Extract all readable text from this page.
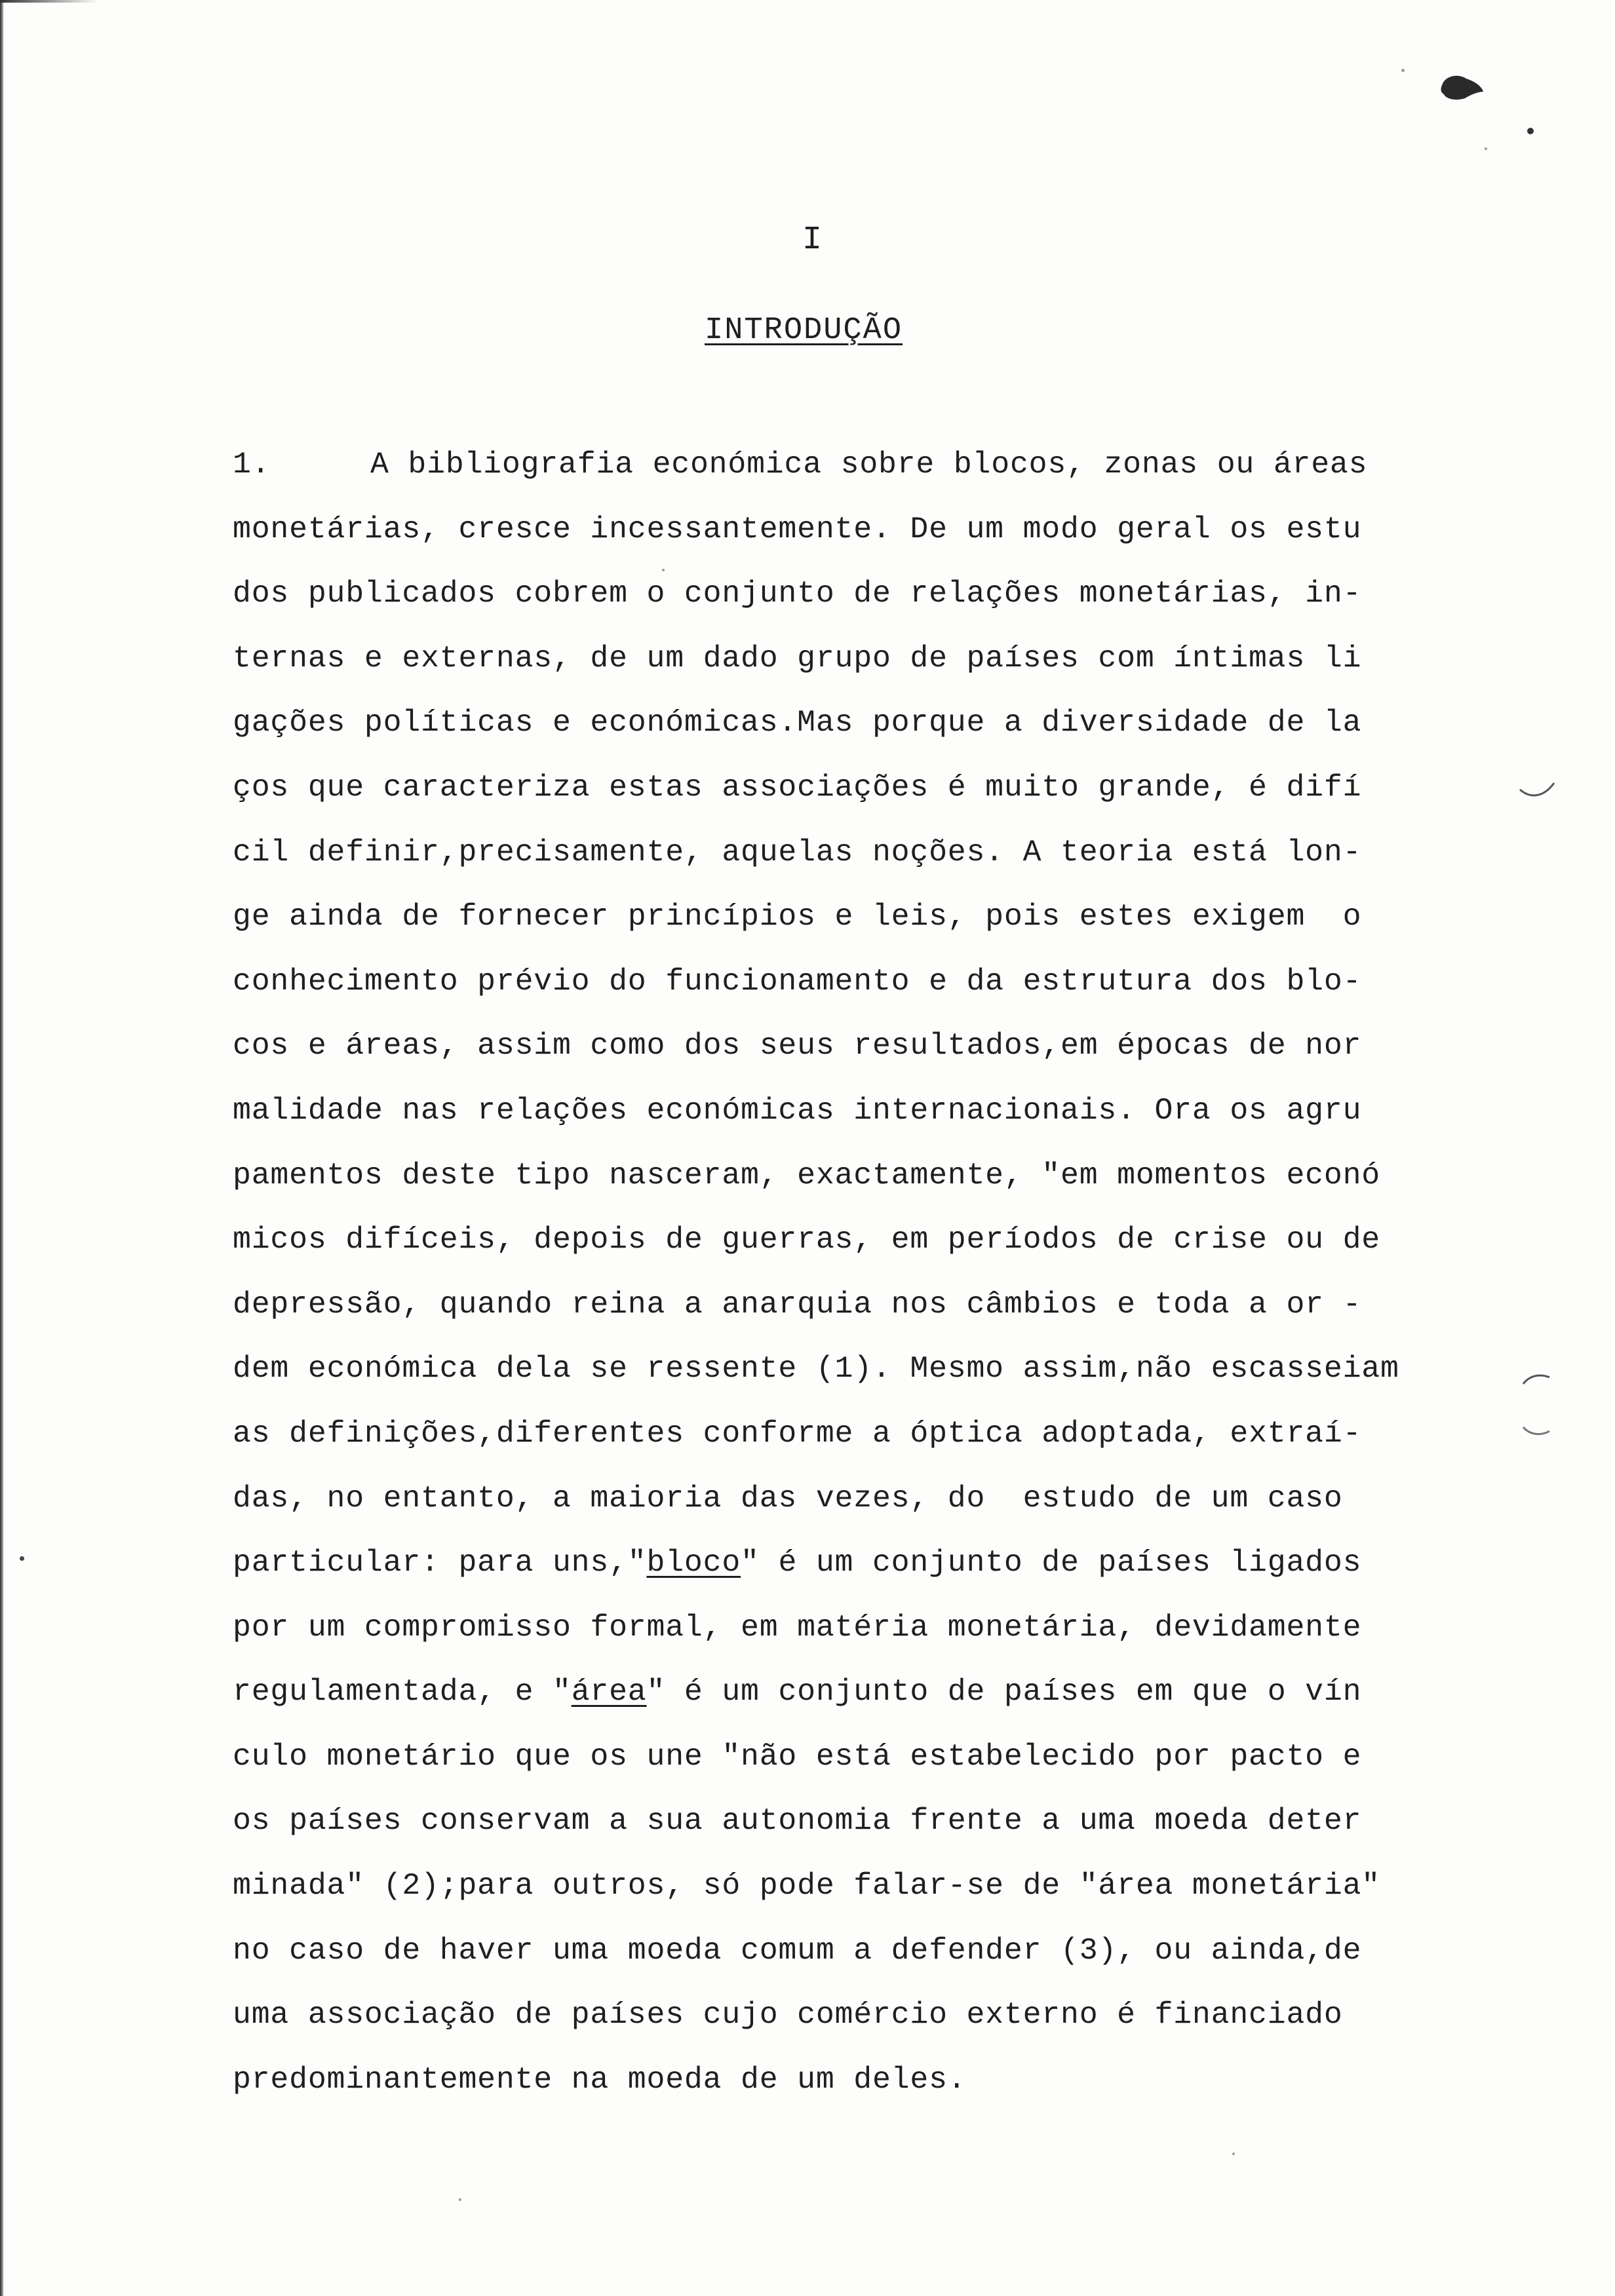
I
INTRODUÇÃO
1.	A bibliografia económica sobre blocos, zonas ou áreas
monetárias, cresce incessantemente. De um modo geral os estu
dos publicados cobrem o conjunto de relações monetárias, in-
ternas e externas, de um dado grupo de países com íntimas li
gações políticas e económicas.Mas porque a diversidade de la
ços que caracteriza estas associações é muito grande, é difí
cil definir,precisamente, aquelas noções. A teoria está lon-
ge ainda de fornecer princípios e leis, pois estes exigem  o
conhecimento prévio do funcionamento e da estrutura dos blo-
cos e áreas, assim como dos seus resultados,em épocas de nor
malidade nas relações económicas internacionais. Ora os agru
pamentos deste tipo nasceram, exactamente, "em momentos econó
micos difíceis, depois de guerras, em períodos de crise ou de
depressão, quando reina a anarquia nos câmbios e toda a or -
dem económica dela se ressente (1). Mesmo assim,não escasseiam
as definições,diferentes conforme a óptica adoptada, extraí-
das, no entanto, a maioria das vezes, do  estudo de um caso
particular: para uns,"bloco" é um conjunto de países ligados
por um compromisso formal, em matéria monetária, devidamente
regulamentada, e "área" é um conjunto de países em que o vín
culo monetário que os une "não está estabelecido por pacto e
os países conservam a sua autonomia frente a uma moeda deter
minada" (2);para outros, só pode falar-se de "área monetária"
no caso de haver uma moeda comum a defender (3), ou ainda,de
uma associação de países cujo comércio externo é financiado
predominantemente na moeda de um deles.
